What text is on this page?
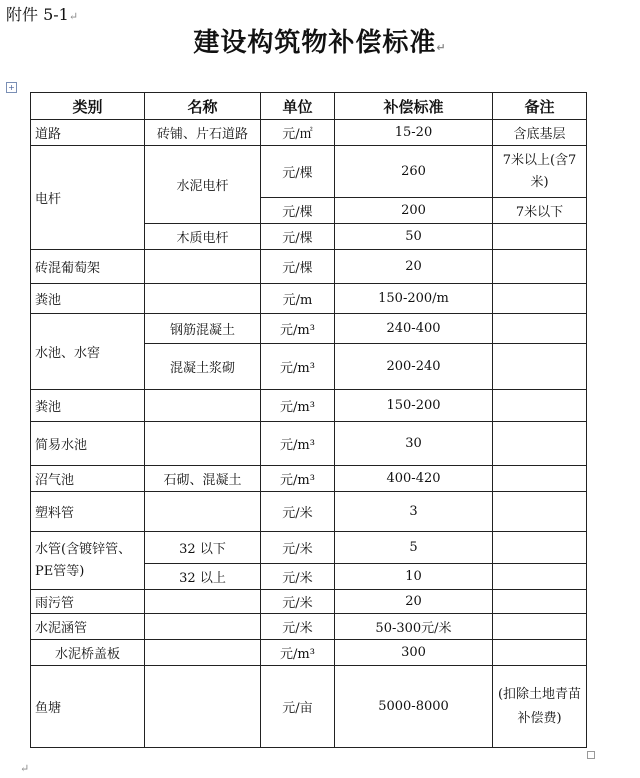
附件 5-1↵
建设构筑物补偿标准↵
+
类别	名称	单位	补偿标准	备注
道路	砖铺、片石道路	元/㎡	15-20	含底基层
电杆	水泥电杆	元/棵	260	7米以上(含7米)
		元/棵	200	7米以下
	木质电杆	元/棵	50	
砖混葡萄架		元/棵	20	
粪池		元/m	150-200/m	
水池、水窖	钢筋混凝土	元/m³	240-400	
	混凝土浆砌	元/m³	200-240	
粪池		元/m³	150-200	
简易水池		元/m³	30	
沼气池	石砌、混凝土	元/m³	400-420	
塑料管		元/米	3	
水管(含镀锌管、PE管等)	32 以下	元/米	5	
	32 以上	元/米	10	
雨污管		元/米	20	
水泥涵管		元/米	50-300元/米	
水泥桥盖板		元/m³	300	
鱼塘		元/亩	5000-8000	(扣除土地青苗补偿费)
↵
